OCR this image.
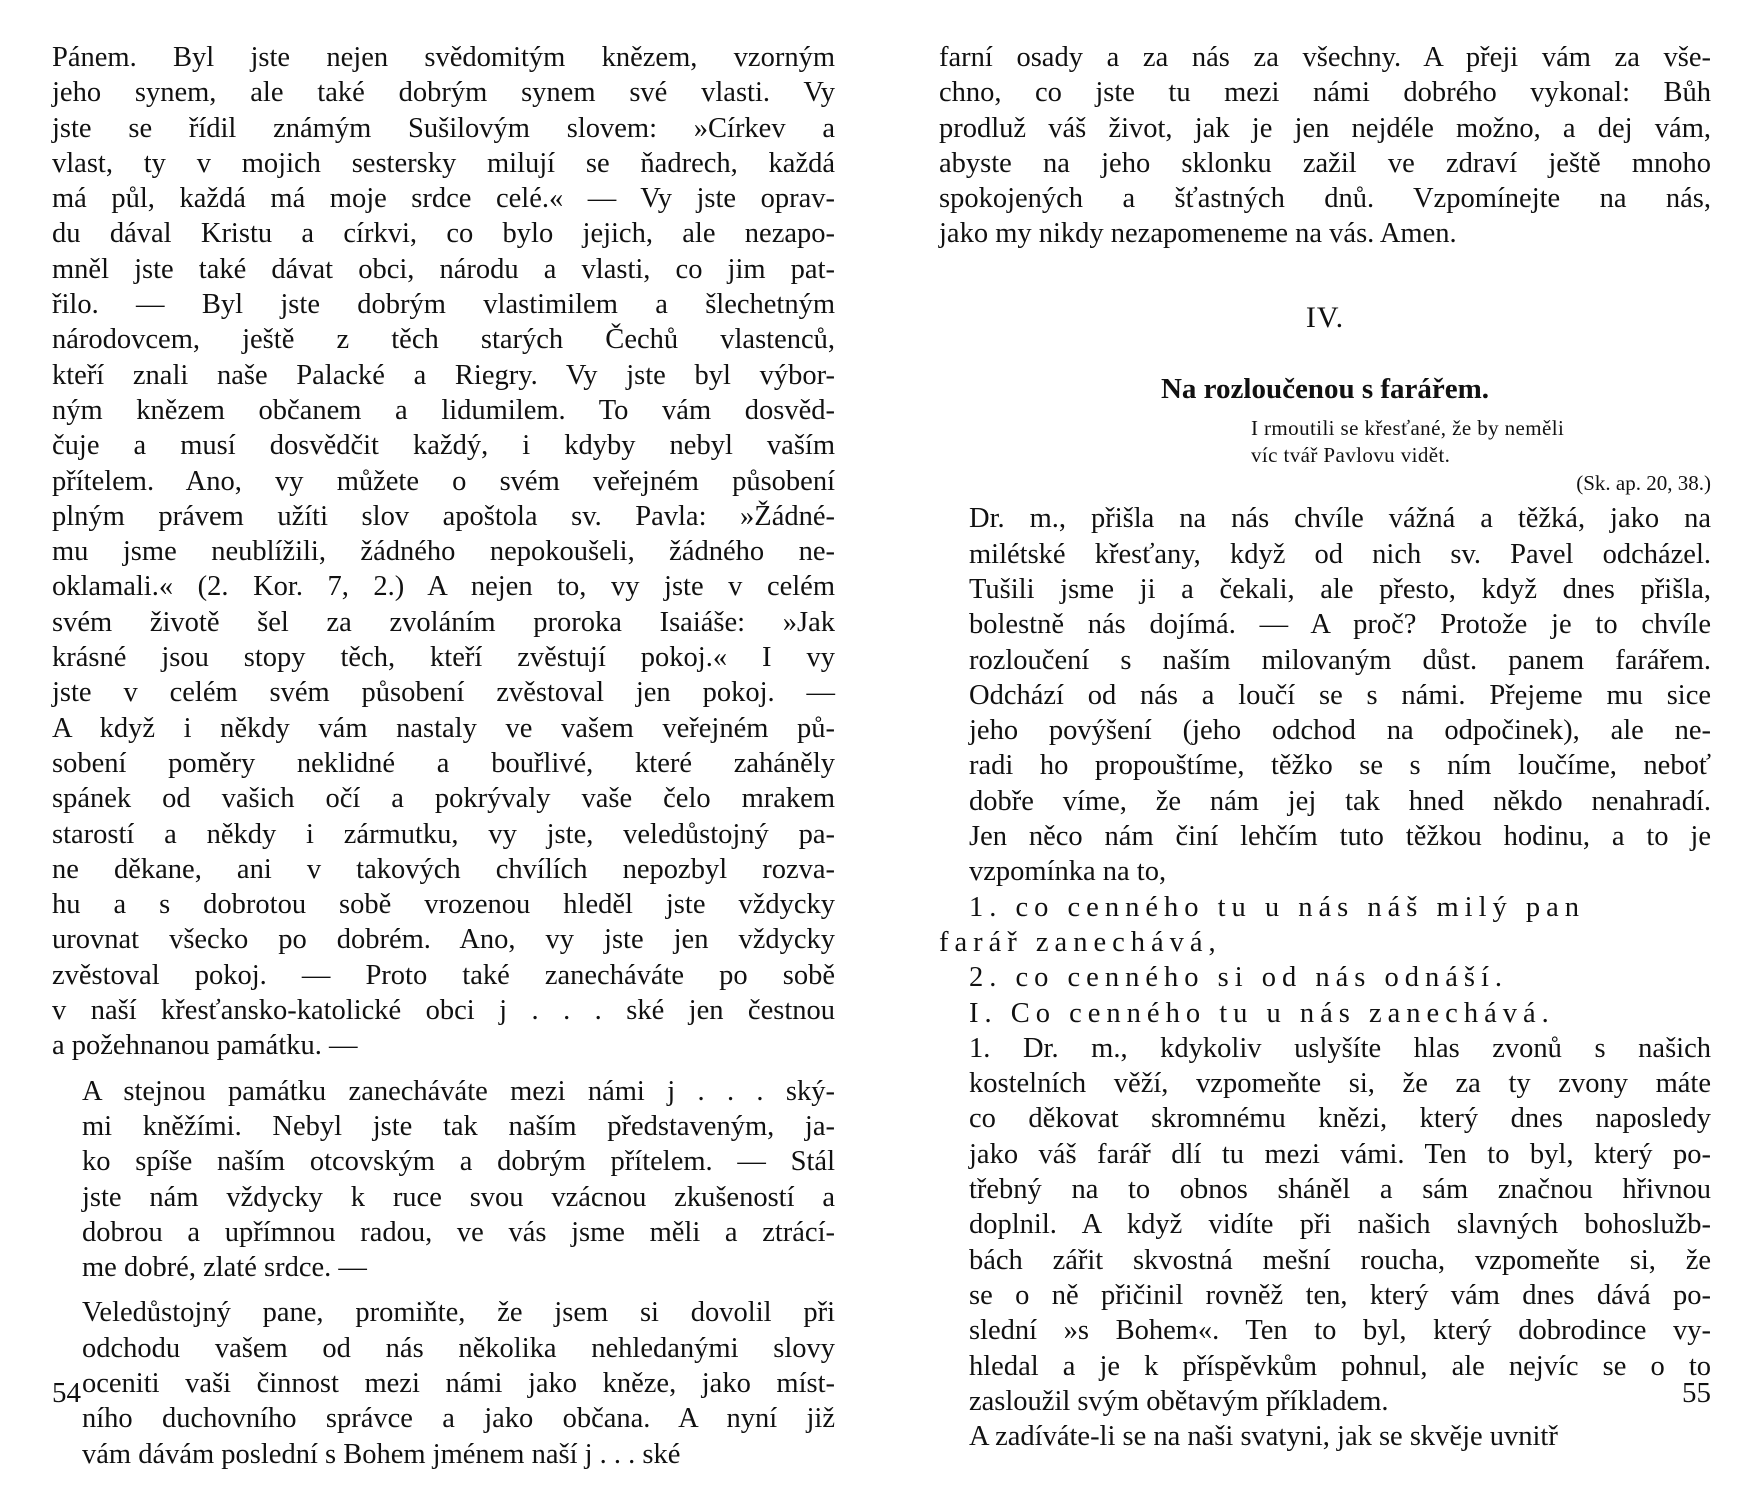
Pánem. Byl jste nejen svědomitým knězem, vzorným
jeho synem, ale také dobrým synem své vlasti. Vy
jste se řídil známým Sušilovým slovem: »Církev a
vlast, ty v mojich sestersky milují se ňadrech, každá
má půl, každá má moje srdce celé.« — Vy jste oprav-
du dával Kristu a církvi, co bylo jejich, ale nezapo-
mněl jste také dávat obci, národu a vlasti, co jim pat-
řilo. — Byl jste dobrým vlastimilem a šlechetným
národovcem, ještě z těch starých Čechů vlastenců,
kteří znali naše Palacké a Riegry. Vy jste byl výbor-
ným knězem občanem a lidumilem. To vám dosvěd-
čuje a musí dosvědčit každý, i kdyby nebyl vaším
přítelem. Ano, vy můžete o svém veřejném působení
plným právem užíti slov apoštola sv. Pavla: »Žádné-
mu jsme neublížili, žádného nepokoušeli, žádného ne-
oklamali.« (2. Kor. 7, 2.) A nejen to, vy jste v celém
svém životě šel za zvoláním proroka Isaiáše: »Jak
krásné jsou stopy těch, kteří zvěstují pokoj.« I vy
jste v celém svém působení zvěstoval jen pokoj. —
A když i někdy vám nastaly ve vašem veřejném pů-
sobení poměry neklidné a bouřlivé, které zaháněly
spánek od vašich očí a pokrývaly vaše čelo mrakem
starostí a někdy i zármutku, vy jste, veledůstojný pa-
ne děkane, ani v takových chvílích nepozbyl rozva-
hu a s dobrotou sobě vrozenou hleděl jste vždycky
urovnat všecko po dobrém. Ano, vy jste jen vždycky
zvěstoval pokoj. — Proto také zanecháváte po sobě
v naší křesťansko-katolické obci j . . . ské jen čestnou
a požehnanou památku. —
A stejnou památku zanecháváte mezi námi j . . . ský-
mi kněžími. Nebyl jste tak naším představeným, ja-
ko spíše naším otcovským a dobrým přítelem. — Stál
jste nám vždycky k ruce svou vzácnou zkušeností a
dobrou a upřímnou radou, ve vás jsme měli a ztrácí-
me dobré, zlaté srdce. —
Veledůstojný pane, promiňte, že jsem si dovolil při
odchodu vašem od nás několika nehledanými slovy
oceniti vaši činnost mezi námi jako kněze, jako míst-
ního duchovního správce a jako občana. A nyní již
vám dávám poslední s Bohem jménem naší j . . . ské
54
farní osady a za nás za všechny. A přeji vám za vše-
chno, co jste tu mezi námi dobrého vykonal: Bůh
prodluž váš život, jak je jen nejdéle možno, a dej vám,
abyste na jeho sklonku zažil ve zdraví ještě mnoho
spokojených a šťastných dnů. Vzpomínejte na nás,
jako my nikdy nezapomeneme na vás. Amen.
IV.
Na rozloučenou s farářem.
I rmoutili se křesťané, že by neměli
víc tvář Pavlovu vidět.
(Sk. ap. 20, 38.)
Dr. m., přišla na nás chvíle vážná a těžká, jako na
milétské křesťany, když od nich sv. Pavel odcházel.
Tušili jsme ji a čekali, ale přesto, když dnes přišla,
bolestně nás dojímá. — A proč? Protože je to chvíle
rozloučení s naším milovaným důst. panem farářem.
Odchází od nás a loučí se s námi. Přejeme mu sice
jeho povýšení (jeho odchod na odpočinek), ale ne-
radi ho propouštíme, těžko se s ním loučíme, neboť
dobře víme, že nám jej tak hned někdo nenahradí.
Jen něco nám činí lehčím tuto těžkou hodinu, a to je
vzpomínka na to,
1. co cenného tu u nás náš milý pan
farář zanechává,
2. co cenného si od nás odnáší.
I. Co cenného tu u nás zanechává.
1. Dr. m., kdykoliv uslyšíte hlas zvonů s našich
kostelních věží, vzpomeňte si, že za ty zvony máte
co děkovat skromnému knězi, který dnes naposledy
jako váš farář dlí tu mezi vámi. Ten to byl, který po-
třebný na to obnos sháněl a sám značnou hřivnou
doplnil. A když vidíte při našich slavných bohoslužb-
bách zářit skvostná mešní roucha, vzpomeňte si, že
se o ně přičinil rovněž ten, který vám dnes dává po-
slední »s Bohem«. Ten to byl, který dobrodince vy-
hledal a je k příspěvkům pohnul, ale nejvíc se o to
zasloužil svým obětavým příkladem.
A zadíváte-li se na naši svatyni, jak se skvěje uvnitř
55
